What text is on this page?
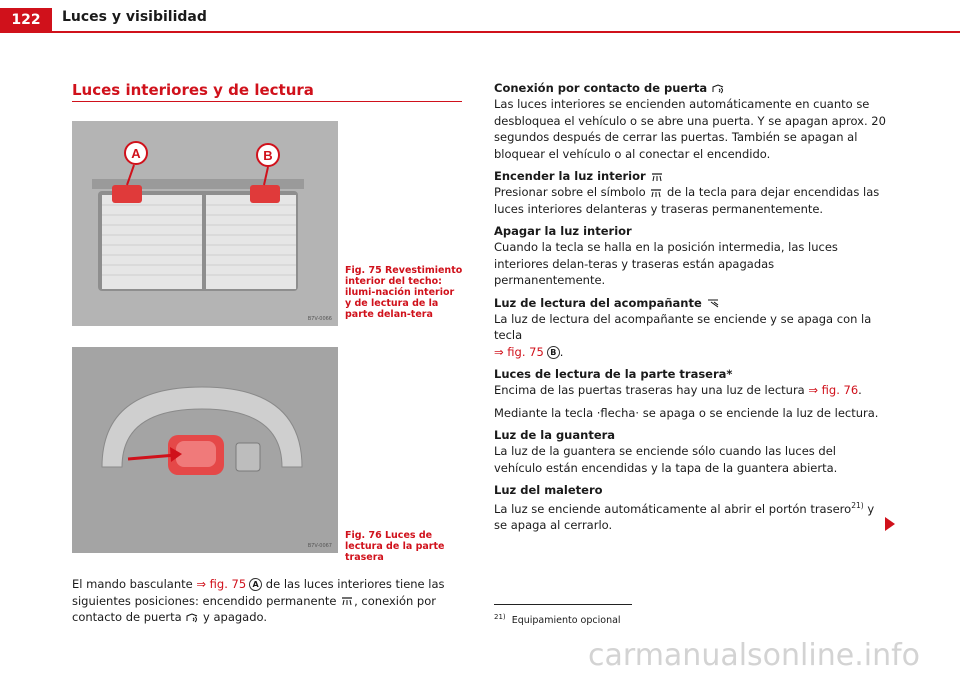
122	Luces y visibilidad
Luces interiores y de lectura
A	B
B7V-0066
Fig. 75 Revestimiento interior del techo: ilumi-nación interior y de lectura de la parte delan-tera
B7V-0067
Fig. 76 Luces de lectura de la parte trasera
El mando basculante ⇒ fig. 75 A de las luces interiores tiene las siguientes posiciones: encendido permanente , conexión por contacto de puerta  y apagado.
Conexión por contacto de puerta

Las luces interiores se encienden automáticamente en cuanto se desbloquea el vehículo o se abre una puerta. Y se apagan aprox. 20 segundos después de cerrar las puertas. También se apagan al bloquear el vehículo o al conectar el encendido.

Encender la luz interior

Presionar sobre el símbolo  de la tecla para dejar encendidas las luces interiores delanteras y traseras permanentemente.

Apagar la luz interior

Cuando la tecla se halla en la posición intermedia, las luces interiores delan-teras y traseras están apagadas permanentemente.

Luz de lectura del acompañante

La luz de lectura del acompañante se enciende y se apaga con la tecla
⇒ fig. 75 B .

Luces de lectura de la parte trasera*

Encima de las puertas traseras hay una luz de lectura ⇒ fig. 76.

Mediante la tecla ·flecha· se apaga o se enciende la luz de lectura.

Luz de la guantera

La luz de la guantera se enciende sólo cuando las luces del vehículo están encendidas y la tapa de la guantera abierta.

Luz del maletero

La luz se enciende automáticamente al abrir el portón trasero$^{21)}$ y se apaga al cerrarlo.

$^{21)}$ Equipamiento opcional
carmanualsonline.info
